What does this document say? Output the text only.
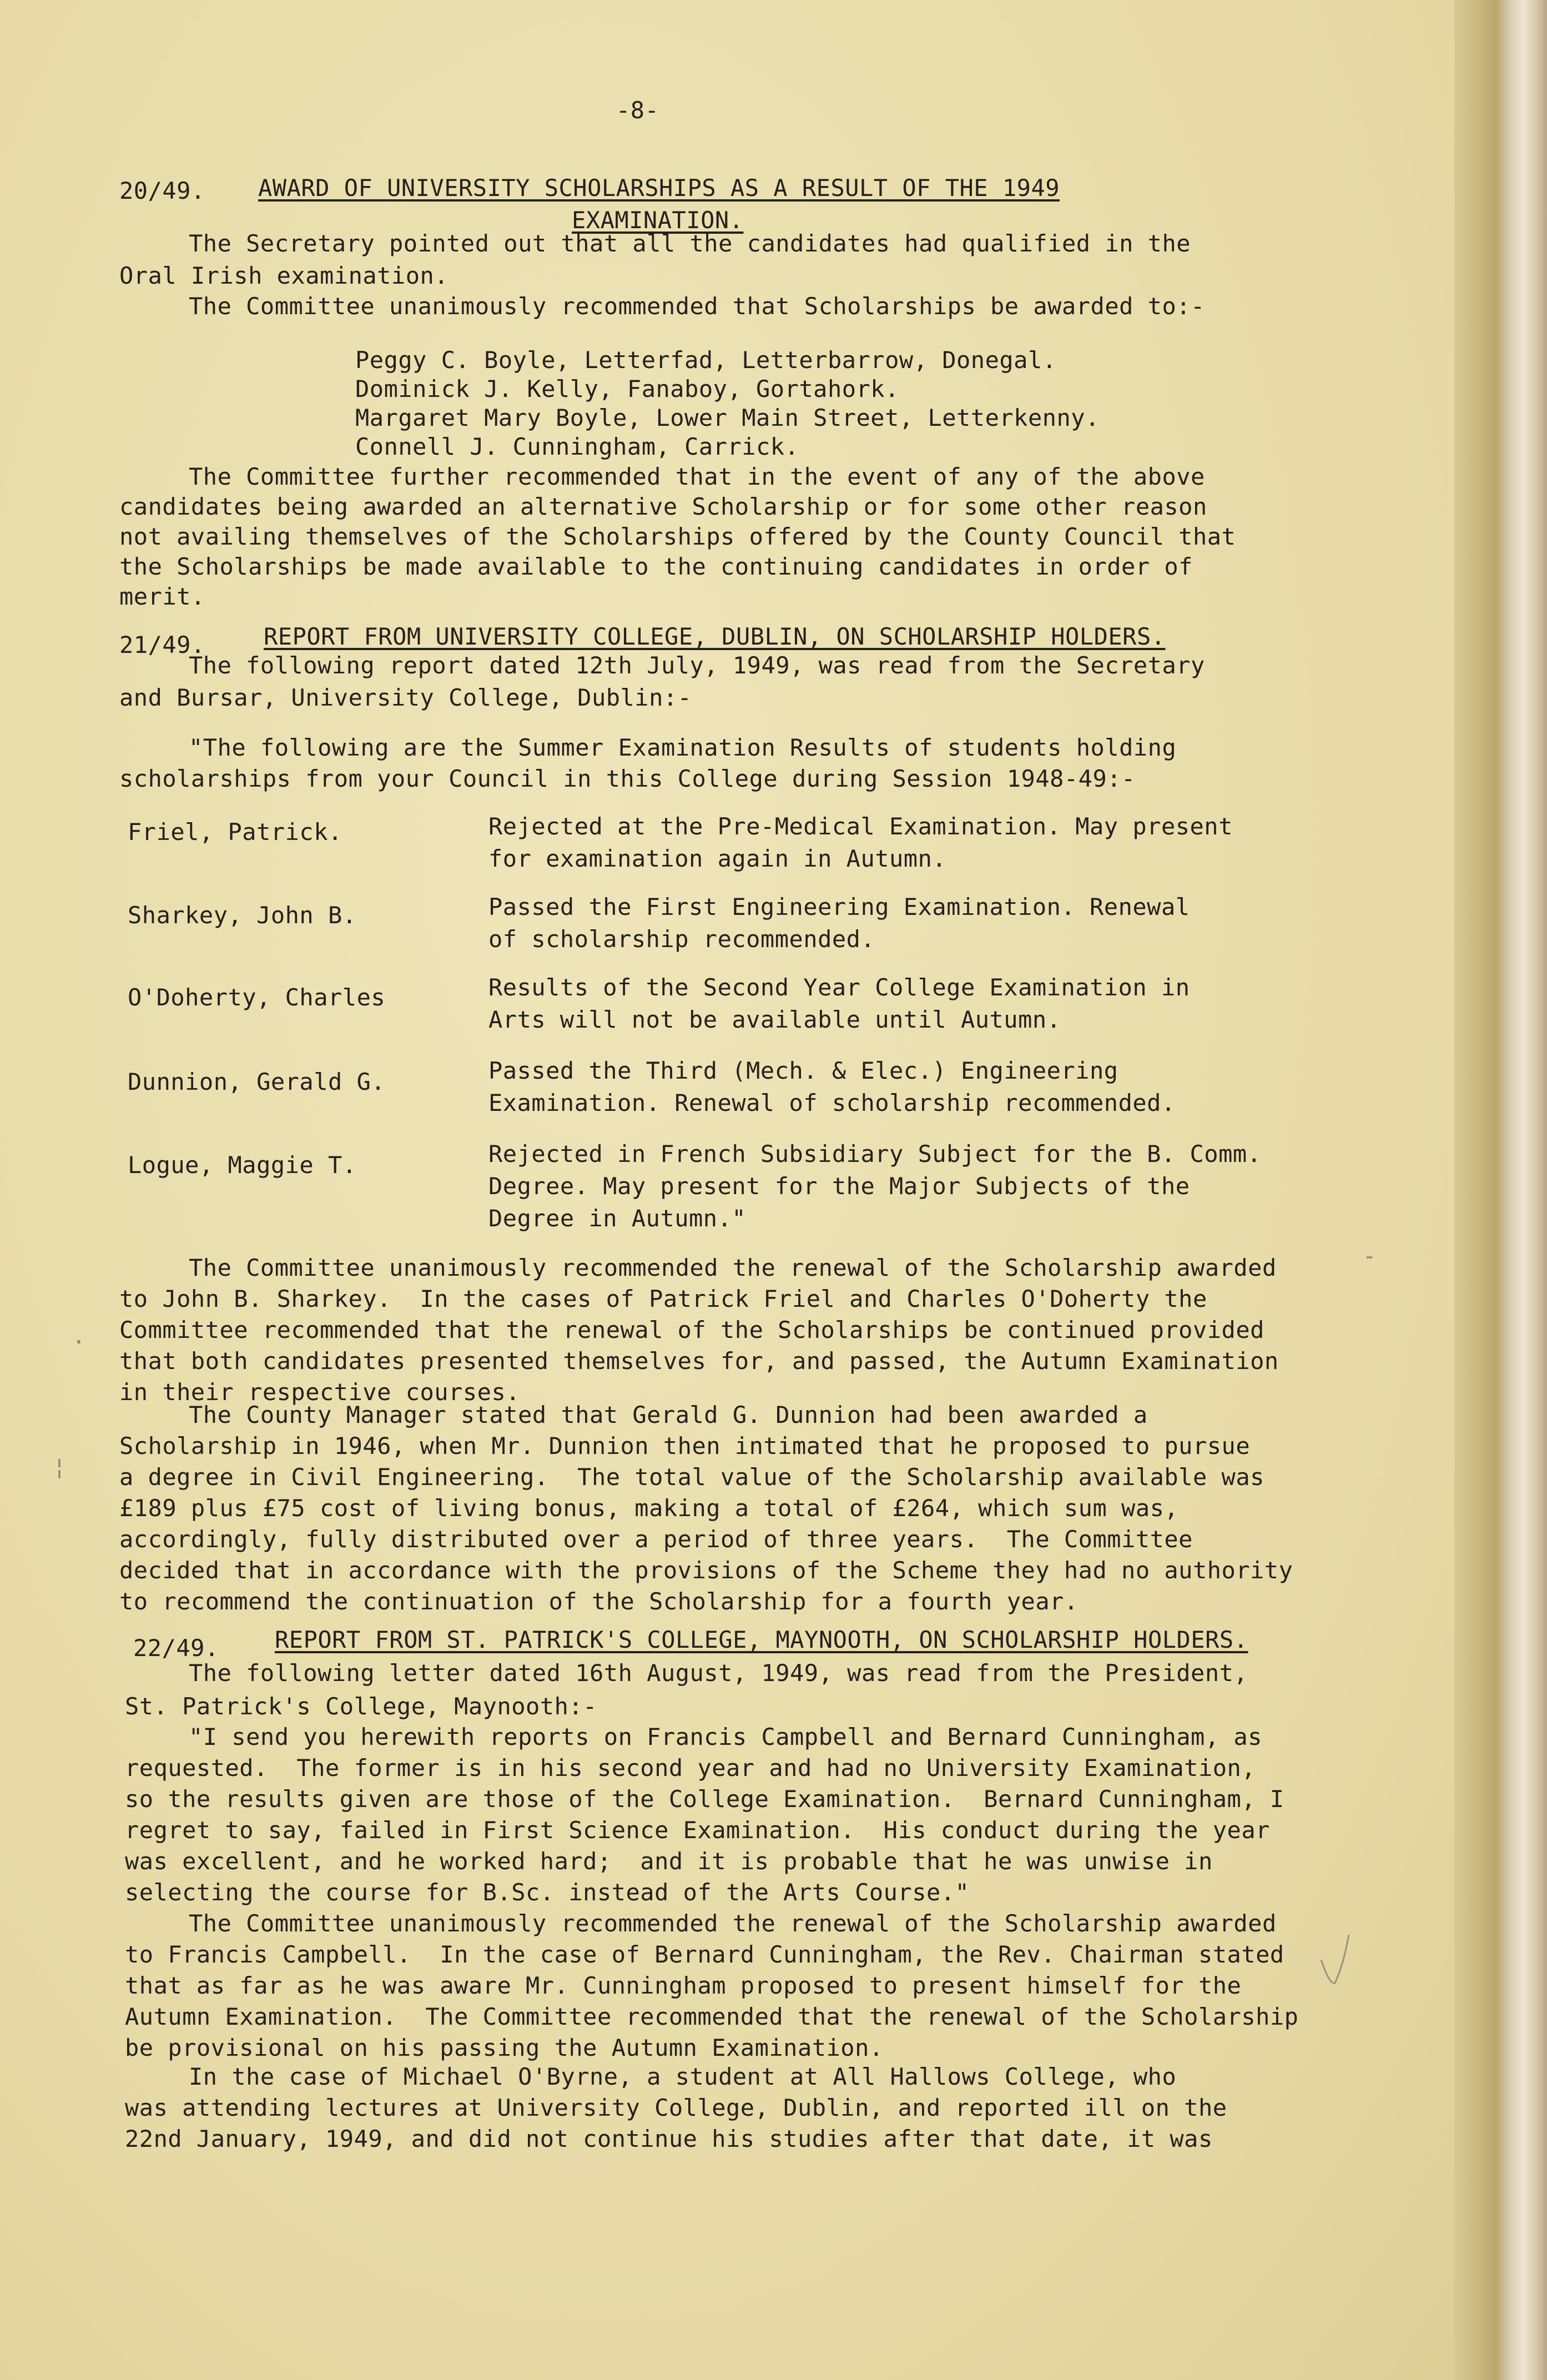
-8-
20/49. AWARD OF UNIVERSITY SCHOLARSHIPS AS A RESULT OF THE 1949
EXAMINATION.
The Secretary pointed out that all the candidates had qualified in the
Oral Irish examination.
The Committee unanimously recommended that Scholarships be awarded to:-
Peggy C. Boyle, Letterfad, Letterbarrow, Donegal.
Dominick J. Kelly, Fanaboy, Gortahork.
Margaret Mary Boyle, Lower Main Street, Letterkenny.
Connell J. Cunningham, Carrick.
The Committee further recommended that in the event of any of the above
candidates being awarded an alternative Scholarship or for some other reason
not availing themselves of the Scholarships offered by the County Council that
the Scholarships be made available to the continuing candidates in order of
merit.
21/49.	REPORT FROM UNIVERSITY COLLEGE, DUBLIN, ON SCHOLARSHIP HOLDERS.
The following report dated 12th July, 1949, was read from the Secretary
and Bursar, University College, Dublin:-
"The following are the Summer Examination Results of students holding
scholarships from your Council in this College during Session 1948-49:-
Friel, Patrick.	Rejected at the Pre-Medical Examination. May present
for examination again in Autumn.
Sharkey, John B.	Passed the First Engineering Examination. Renewal
of scholarship recommended.
O'Doherty, Charles	Results of the Second Year College Examination in
Arts will not be available until Autumn.
Dunnion, Gerald G.	Passed the Third (Mech. & Elec.) Engineering
Examination. Renewal of scholarship recommended.
Logue, Maggie T.	Rejected in French Subsidiary Subject for the B. Comm.
Degree. May present for the Major Subjects of the
Degree in Autumn."
The Committee unanimously recommended the renewal of the Scholarship awarded
to John B. Sharkey.  In the cases of Patrick Friel and Charles O'Doherty the
Committee recommended that the renewal of the Scholarships be continued provided
that both candidates presented themselves for, and passed, the Autumn Examination
in their respective courses.
The County Manager stated that Gerald G. Dunnion had been awarded a
Scholarship in 1946, when Mr. Dunnion then intimated that he proposed to pursue
a degree in Civil Engineering.  The total value of the Scholarship available was
£189 plus £75 cost of living bonus, making a total of £264, which sum was,
accordingly, fully distributed over a period of three years.  The Committee
decided that in accordance with the provisions of the Scheme they had no authority
to recommend the continuation of the Scholarship for a fourth year.
22/49. REPORT FROM ST. PATRICK'S COLLEGE, MAYNOOTH, ON SCHOLARSHIP HOLDERS.
The following letter dated 16th August, 1949, was read from the President,
St. Patrick's College, Maynooth:-
"I send you herewith reports on Francis Campbell and Bernard Cunningham, as
requested.  The former is in his second year and had no University Examination,
so the results given are those of the College Examination.  Bernard Cunningham, I
regret to say, failed in First Science Examination.  His conduct during the year
was excellent, and he worked hard;  and it is probable that he was unwise in
selecting the course for B.Sc. instead of the Arts Course."
The Committee unanimously recommended the renewal of the Scholarship awarded
to Francis Campbell.  In the case of Bernard Cunningham, the Rev. Chairman stated
that as far as he was aware Mr. Cunningham proposed to present himself for the
Autumn Examination.  The Committee recommended that the renewal of the Scholarship
be provisional on his passing the Autumn Examination.
In the case of Michael O'Byrne, a student at All Hallows College, who
was attending lectures at University College, Dublin, and reported ill on the
22nd January, 1949, and did not continue his studies after that date, it was
·
¦
-
